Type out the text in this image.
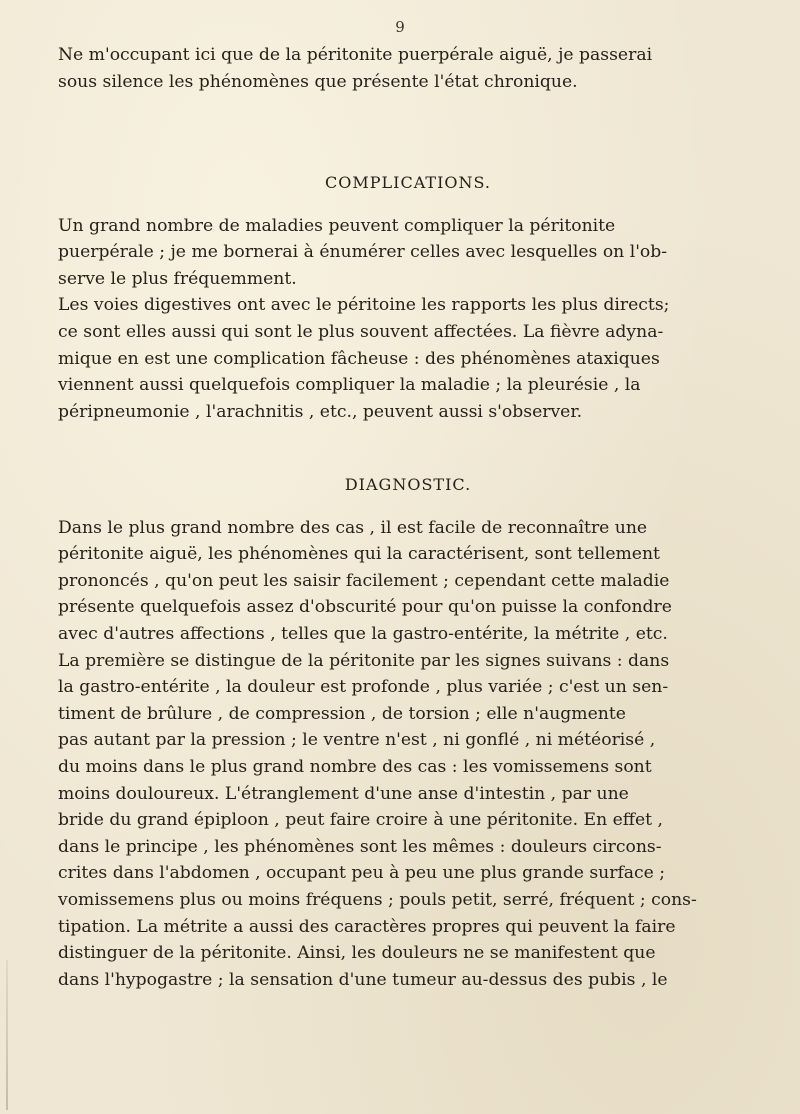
9

Ne m'occupant ici que de la péritonite puerpérale aiguë, je passerai
sous silence les phénomènes que présente l'état chronique.

COMPLICATIONS.

Un grand nombre de maladies peuvent compliquer la péritonite
puerpérale ; je me bornerai à énumérer celles avec lesquelles on l'ob-
serve le plus fréquemment.

Les voies digestives ont avec le péritoine les rapports les plus directs;
ce sont elles aussi qui sont le plus souvent affectées. La fièvre adyna-
mique en est une complication fâcheuse : des phénomènes ataxiques
viennent aussi quelquefois compliquer la maladie ; la pleurésie , la
péripneumonie , l'arachnitis , etc., peuvent aussi s'observer.

DIAGNOSTIC.

Dans le plus grand nombre des cas , il est facile de reconnaître une
péritonite aiguë, les phénomènes qui la caractérisent, sont tellement
prononcés , qu'on peut les saisir facilement ; cependant cette maladie
présente quelquefois assez d'obscurité pour qu'on puisse la confondre
avec d'autres affections , telles que la gastro-entérite, la métrite , etc.
La première se distingue de la péritonite par les signes suivans : dans
la gastro-entérite , la douleur est profonde , plus variée ; c'est un sen-
timent de brûlure , de compression , de torsion ; elle n'augmente
pas autant par la pression ; le ventre n'est , ni gonflé , ni météorisé ,
du moins dans le plus grand nombre des cas : les vomissemens sont
moins douloureux. L'étranglement d'une anse d'intestin , par une
bride du grand épiploon , peut faire croire à une péritonite. En effet ,
dans le principe , les phénomènes sont les mêmes : douleurs circons-
crites dans l'abdomen , occupant peu à peu une plus grande surface ;
vomissemens plus ou moins fréquens ; pouls petit, serré, fréquent ; cons-
tipation. La métrite a aussi des caractères propres qui peuvent la faire
distinguer de la péritonite. Ainsi, les douleurs ne se manifestent que
dans l'hypogastre ; la sensation d'une tumeur au-dessus des pubis , le
